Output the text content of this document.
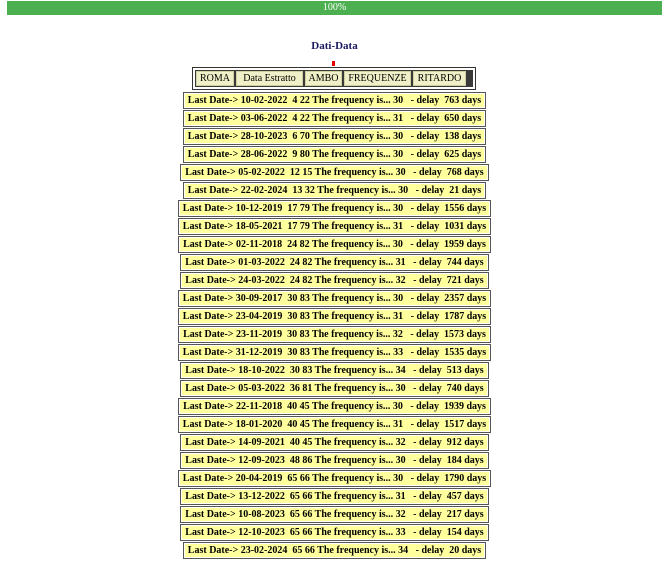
100%
Dati-Data
ROMA	Data Estratto	AMBO FREQUENZE	RITARDO
Last Date-> 10-02-2022  4 22 The frequency is... 30   - delay  763 days
Last Date-> 03-06-2022  4 22 The frequency is... 31   - delay  650 days
Last Date-> 28-10-2023  6 70 The frequency is... 30   - delay  138 days
Last Date-> 28-06-2022  9 80 The frequency is... 30   - delay  625 days
Last Date-> 05-02-2022  12 15 The frequency is... 30   - delay  768 days
Last Date-> 22-02-2024  13 32 The frequency is... 30   - delay  21 days
Last Date-> 10-12-2019  17 79 The frequency is... 30   - delay  1556 days
Last Date-> 18-05-2021  17 79 The frequency is... 31   - delay  1031 days
Last Date-> 02-11-2018  24 82 The frequency is... 30   - delay  1959 days
Last Date-> 01-03-2022  24 82 The frequency is... 31   - delay  744 days
Last Date-> 24-03-2022  24 82 The frequency is... 32   - delay  721 days
Last Date-> 30-09-2017  30 83 The frequency is... 30   - delay  2357 days
Last Date-> 23-04-2019  30 83 The frequency is... 31   - delay  1787 days
Last Date-> 23-11-2019  30 83 The frequency is... 32   - delay  1573 days
Last Date-> 31-12-2019  30 83 The frequency is... 33   - delay  1535 days
Last Date-> 18-10-2022  30 83 The frequency is... 34   - delay  513 days
Last Date-> 05-03-2022  36 81 The frequency is... 30   - delay  740 days
Last Date-> 22-11-2018  40 45 The frequency is... 30   - delay  1939 days
Last Date-> 18-01-2020  40 45 The frequency is... 31   - delay  1517 days
Last Date-> 14-09-2021  40 45 The frequency is... 32   - delay  912 days
Last Date-> 12-09-2023  48 86 The frequency is... 30   - delay  184 days
Last Date-> 20-04-2019  65 66 The frequency is... 30   - delay  1790 days
Last Date-> 13-12-2022  65 66 The frequency is... 31   - delay  457 days
Last Date-> 10-08-2023  65 66 The frequency is... 32   - delay  217 days
Last Date-> 12-10-2023  65 66 The frequency is... 33   - delay  154 days
Last Date-> 23-02-2024  65 66 The frequency is... 34   - delay  20 days
